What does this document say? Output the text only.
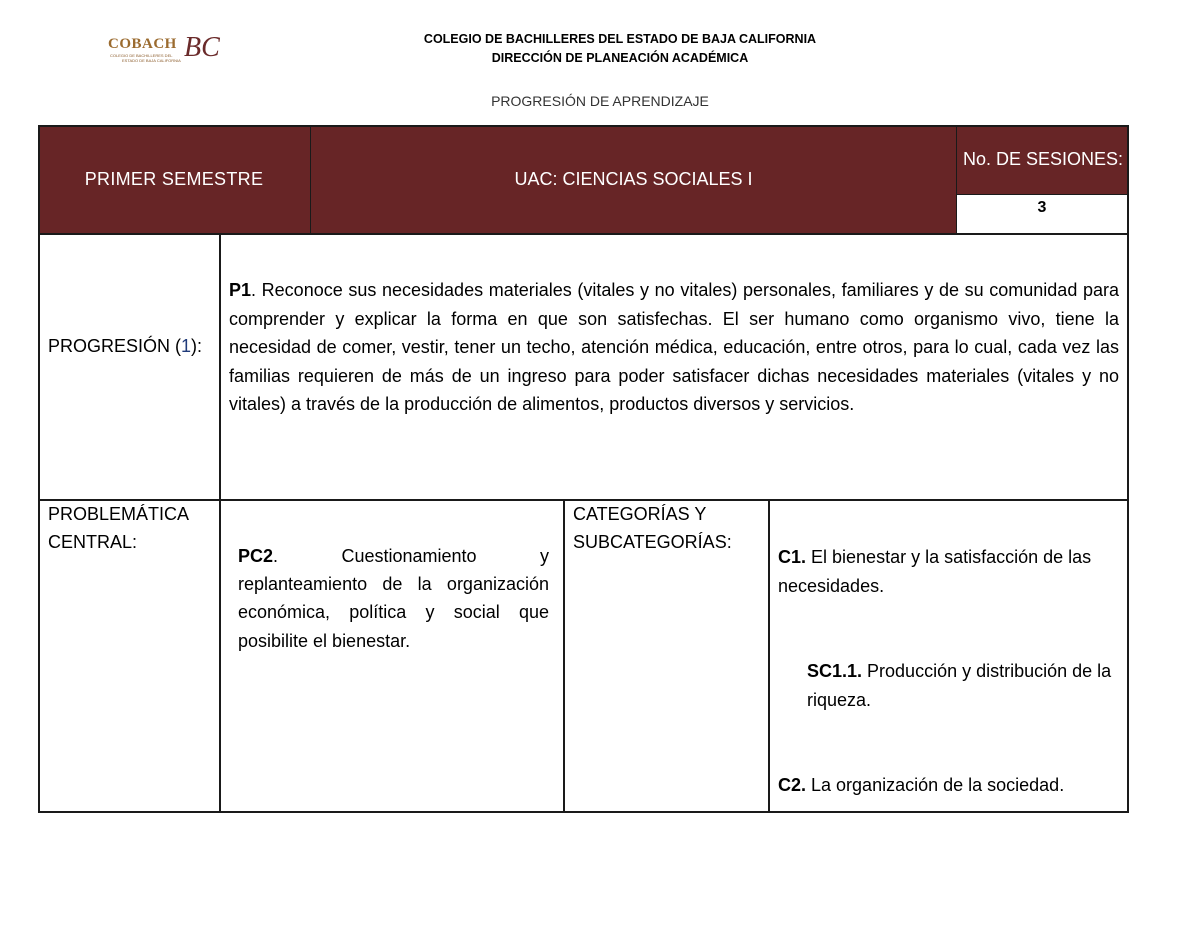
COBACH BC
COLEGIO DE BACHILLERES DEL
ESTADO DE BAJA CALIFORNIA
COLEGIO DE BACHILLERES DEL ESTADO DE BAJA CALIFORNIA
DIRECCIÓN DE PLANEACIÓN ACADÉMICA
PROGRESIÓN DE APRENDIZAJE
PRIMER SEMESTRE	UAC: CIENCIAS SOCIALES I
No. DE SESIONES:
3
PROGRESIÓN (1):
P1. Reconoce sus necesidades materiales (vitales y no vitales) personales, familiares y de su comunidad para comprender y explicar la forma en que son satisfechas. El ser humano como organismo vivo, tiene la necesidad de comer, vestir, tener un techo, atención médica, educación, entre otros, para lo cual, cada vez las familias requieren de más de un ingreso para poder satisfacer dichas necesidades materiales (vitales y no vitales) a través de la producción de alimentos, productos diversos y servicios.
PROBLEMÁTICA CENTRAL:
PC2. Cuestionamiento y replanteamiento de la organización económica, política y social que posibilite el bienestar.
CATEGORÍAS Y SUBCATEGORÍAS:
C1. El bienestar y la satisfacción de las necesidades.
SC1.1. Producción y distribución de la riqueza.
C2. La organización de la sociedad.
